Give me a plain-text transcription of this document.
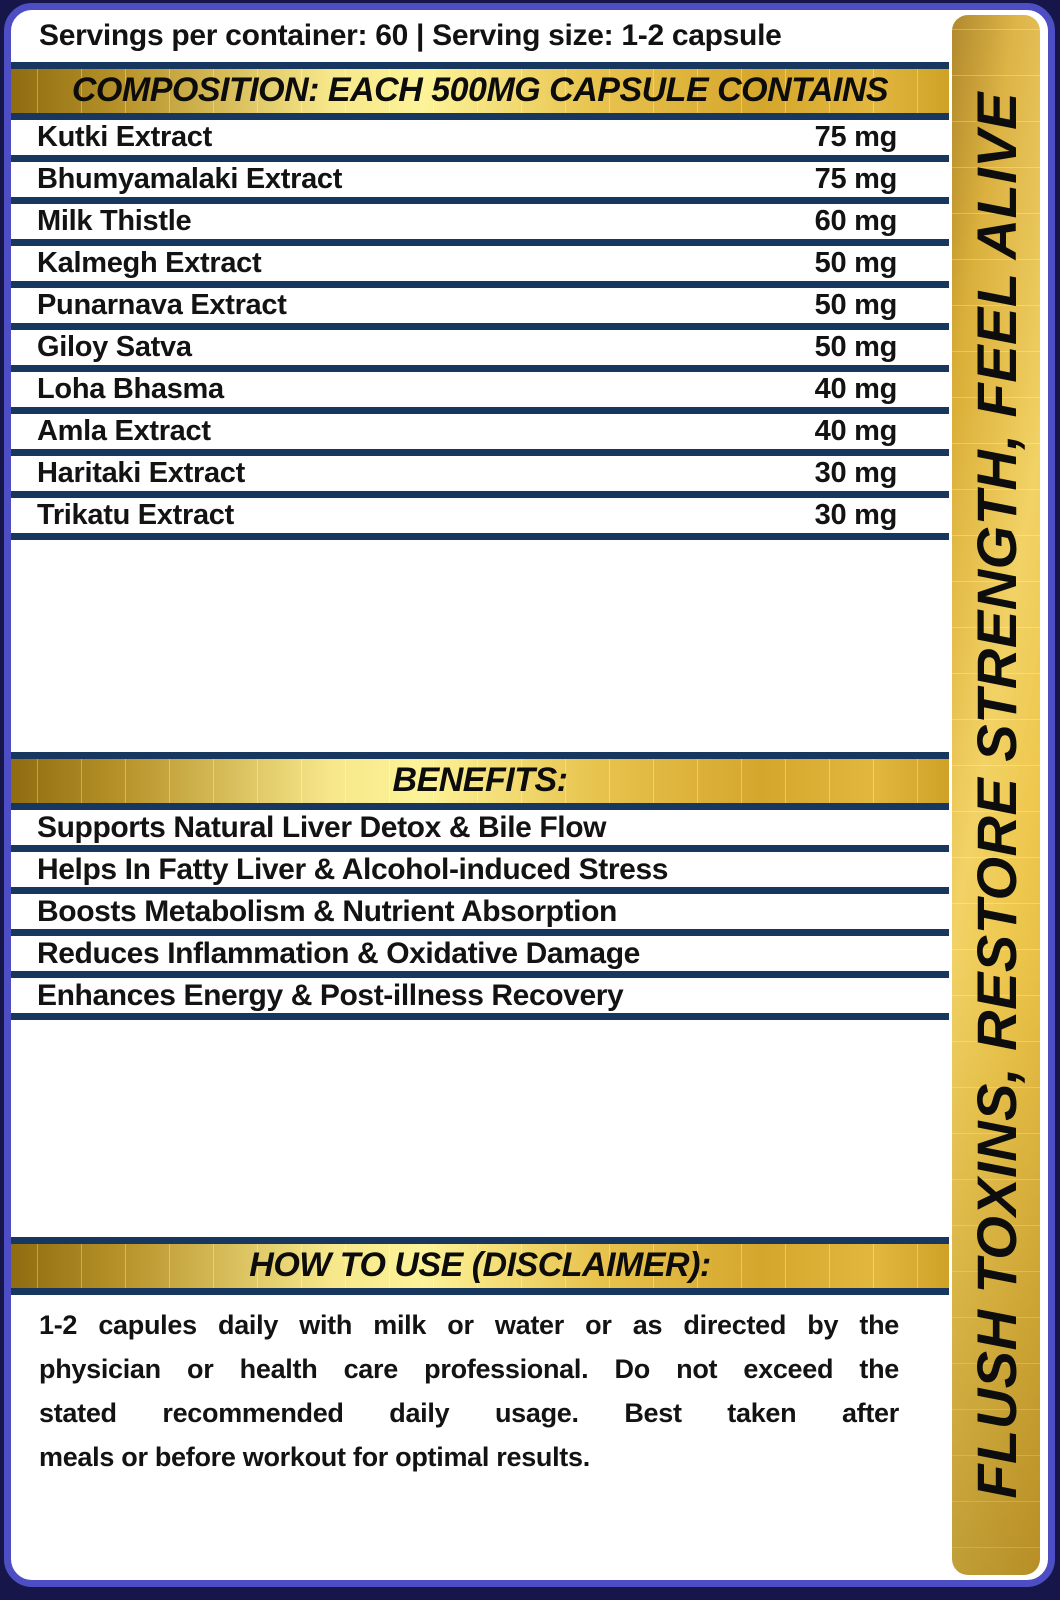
Servings per container: 60 | Serving size: 1-2 capsule
COMPOSITION: EACH 500MG CAPSULE CONTAINS
Kutki Extract	75 mg
Bhumyamalaki Extract	75 mg
Milk Thistle	60 mg
Kalmegh Extract	50 mg
Punarnava Extract	50 mg
Giloy Satva	50 mg
Loha Bhasma	40 mg
Amla Extract	40 mg
Haritaki Extract	30 mg
Trikatu Extract	30 mg
BENEFITS:
Supports Natural Liver Detox & Bile Flow
Helps In Fatty Liver & Alcohol-induced Stress
Boosts Metabolism & Nutrient Absorption
Reduces Inflammation & Oxidative Damage
Enhances Energy & Post-illness Recovery
HOW TO USE (DISCLAIMER):
1-2 capules daily with milk or water or as directed by the
physician or health care professional. Do not exceed the
stated recommended daily usage. Best taken after
meals or before workout for optimal results.	FLUSH TOXINS, RESTORE STRENGTH, FEEL ALIVE
